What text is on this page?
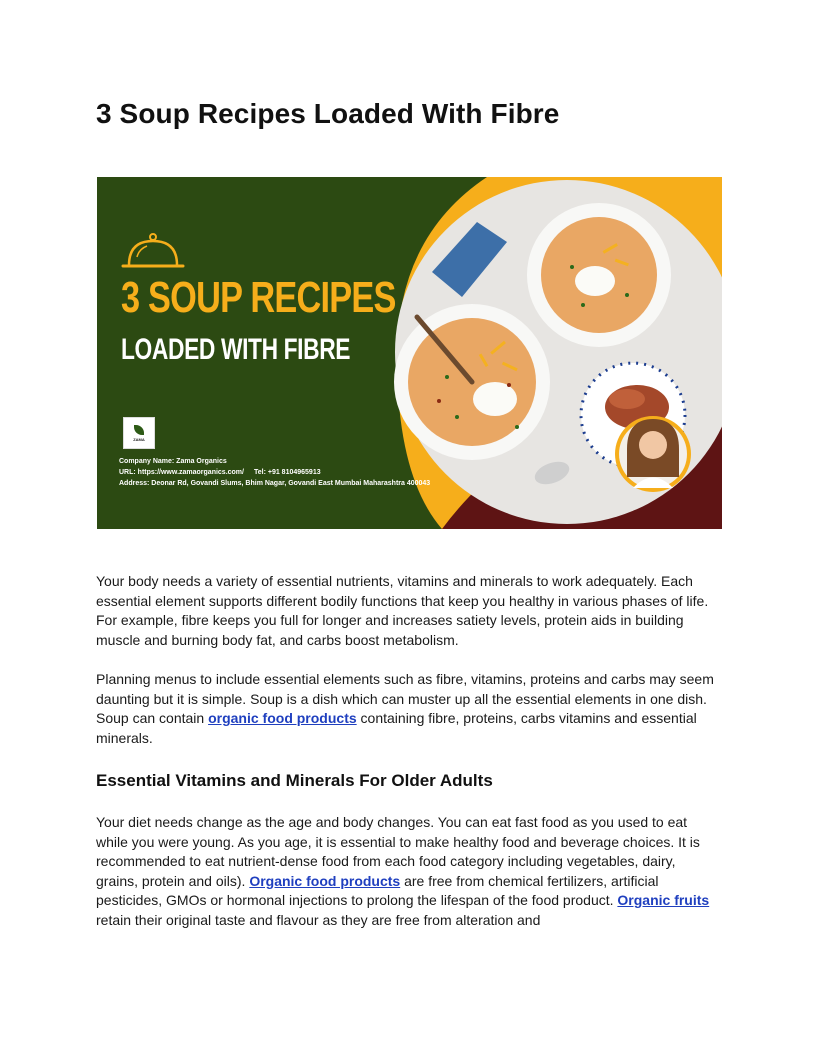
3 Soup Recipes Loaded With Fibre
3 SOUP RECIPES
LOADED WITH FIBRE
ZAMA
Company Name: Zama Organics
URL: https://www.zamaorganics.com/ Tel: +91 8104965913
Address: Deonar Rd, Govandi Slums, Bhim Nagar, Govandi East Mumbai Maharashtra 400043

Your body needs a variety of essential nutrients, vitamins and minerals to work adequately. Each essential element supports different bodily functions that keep you healthy in various phases of life. For example, fibre keeps you full for longer and increases satiety levels, protein aids in building muscle and burning body fat, and carbs boost metabolism.

Planning menus to include essential elements such as fibre, vitamins, proteins and carbs may seem daunting but it is simple. Soup is a dish which can muster up all the essential elements in one dish. Soup can contain organic food products containing fibre, proteins, carbs vitamins and essential minerals.

Essential Vitamins and Minerals For Older Adults

Your diet needs change as the age and body changes. You can eat fast food as you used to eat while you were young. As you age, it is essential to make healthy food and beverage choices. It is recommended to eat nutrient-dense food from each food category including vegetables, dairy, grains, protein and oils). Organic food products are free from chemical fertilizers, artificial pesticides, GMOs or hormonal injections to prolong the lifespan of the food product. Organic fruits retain their original taste and flavour as they are free from alteration and
